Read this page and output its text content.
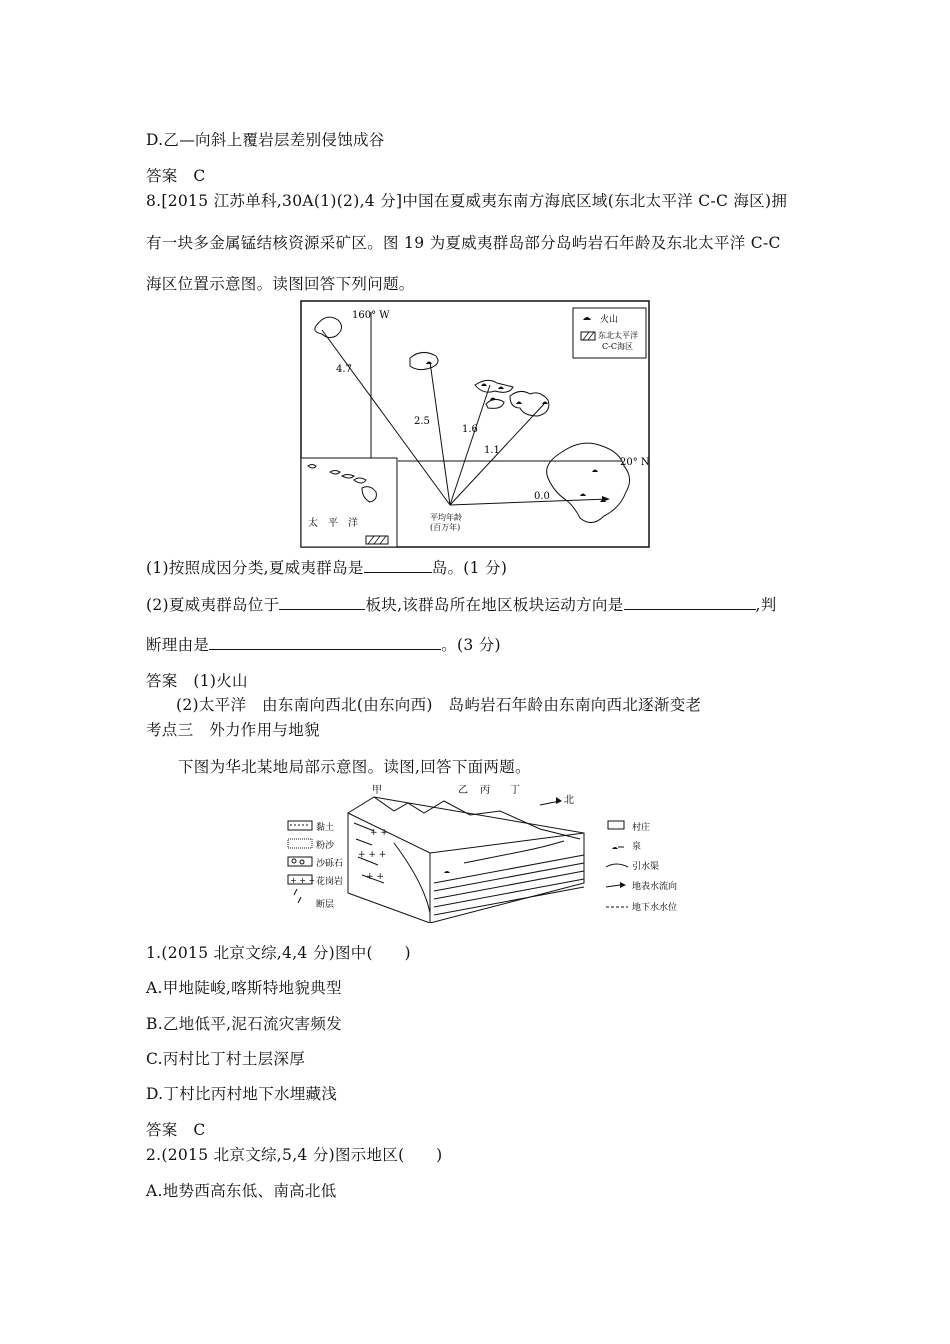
D.乙—向斜上覆岩层差别侵蚀成谷
答案　C
8.[2015 江苏单科,30A(1)(2),4 分]中国在夏威夷东南方海底区域(东北太平洋 C-C 海区)拥
有一块多金属锰结核资源采矿区。图 19 为夏威夷群岛部分岛屿岩石年龄及东北太平洋 C-C
海区位置示意图。读图回答下列问题。
160° W
20° N
火山
东北太平洋
C-C海区
太　平　洋
4.7
2.5
1.6
1.1
0.0
平均年龄
(百万年)
(1)按照成因分类,夏威夷群岛是	岛。(1 分)
(2)夏威夷群岛位于	板块,该群岛所在地区板块运动方向是	,判
断理由是	。(3 分)
答案　(1)火山
(2)太平洋　由东南向西北(由东向西)　岛屿岩石年龄由东南向西北逐渐变老
考点三　外力作用与地貌
下图为华北某地局部示意图。读图,回答下面两题。
黏土
粉沙
沙砾石
+ + + 花岗岩
断层
+ +
+ + +
+ +
甲	乙 丙 丁
北
村庄
泉
引水渠
地表水流向
地下水水位
1.(2015 北京文综,4,4 分)图中(　　)
A.甲地陡峻,喀斯特地貌典型
B.乙地低平,泥石流灾害频发
C.丙村比丁村土层深厚
D.丁村比丙村地下水埋藏浅
答案　C
2.(2015 北京文综,5,4 分)图示地区(　　)
A.地势西高东低、南高北低
